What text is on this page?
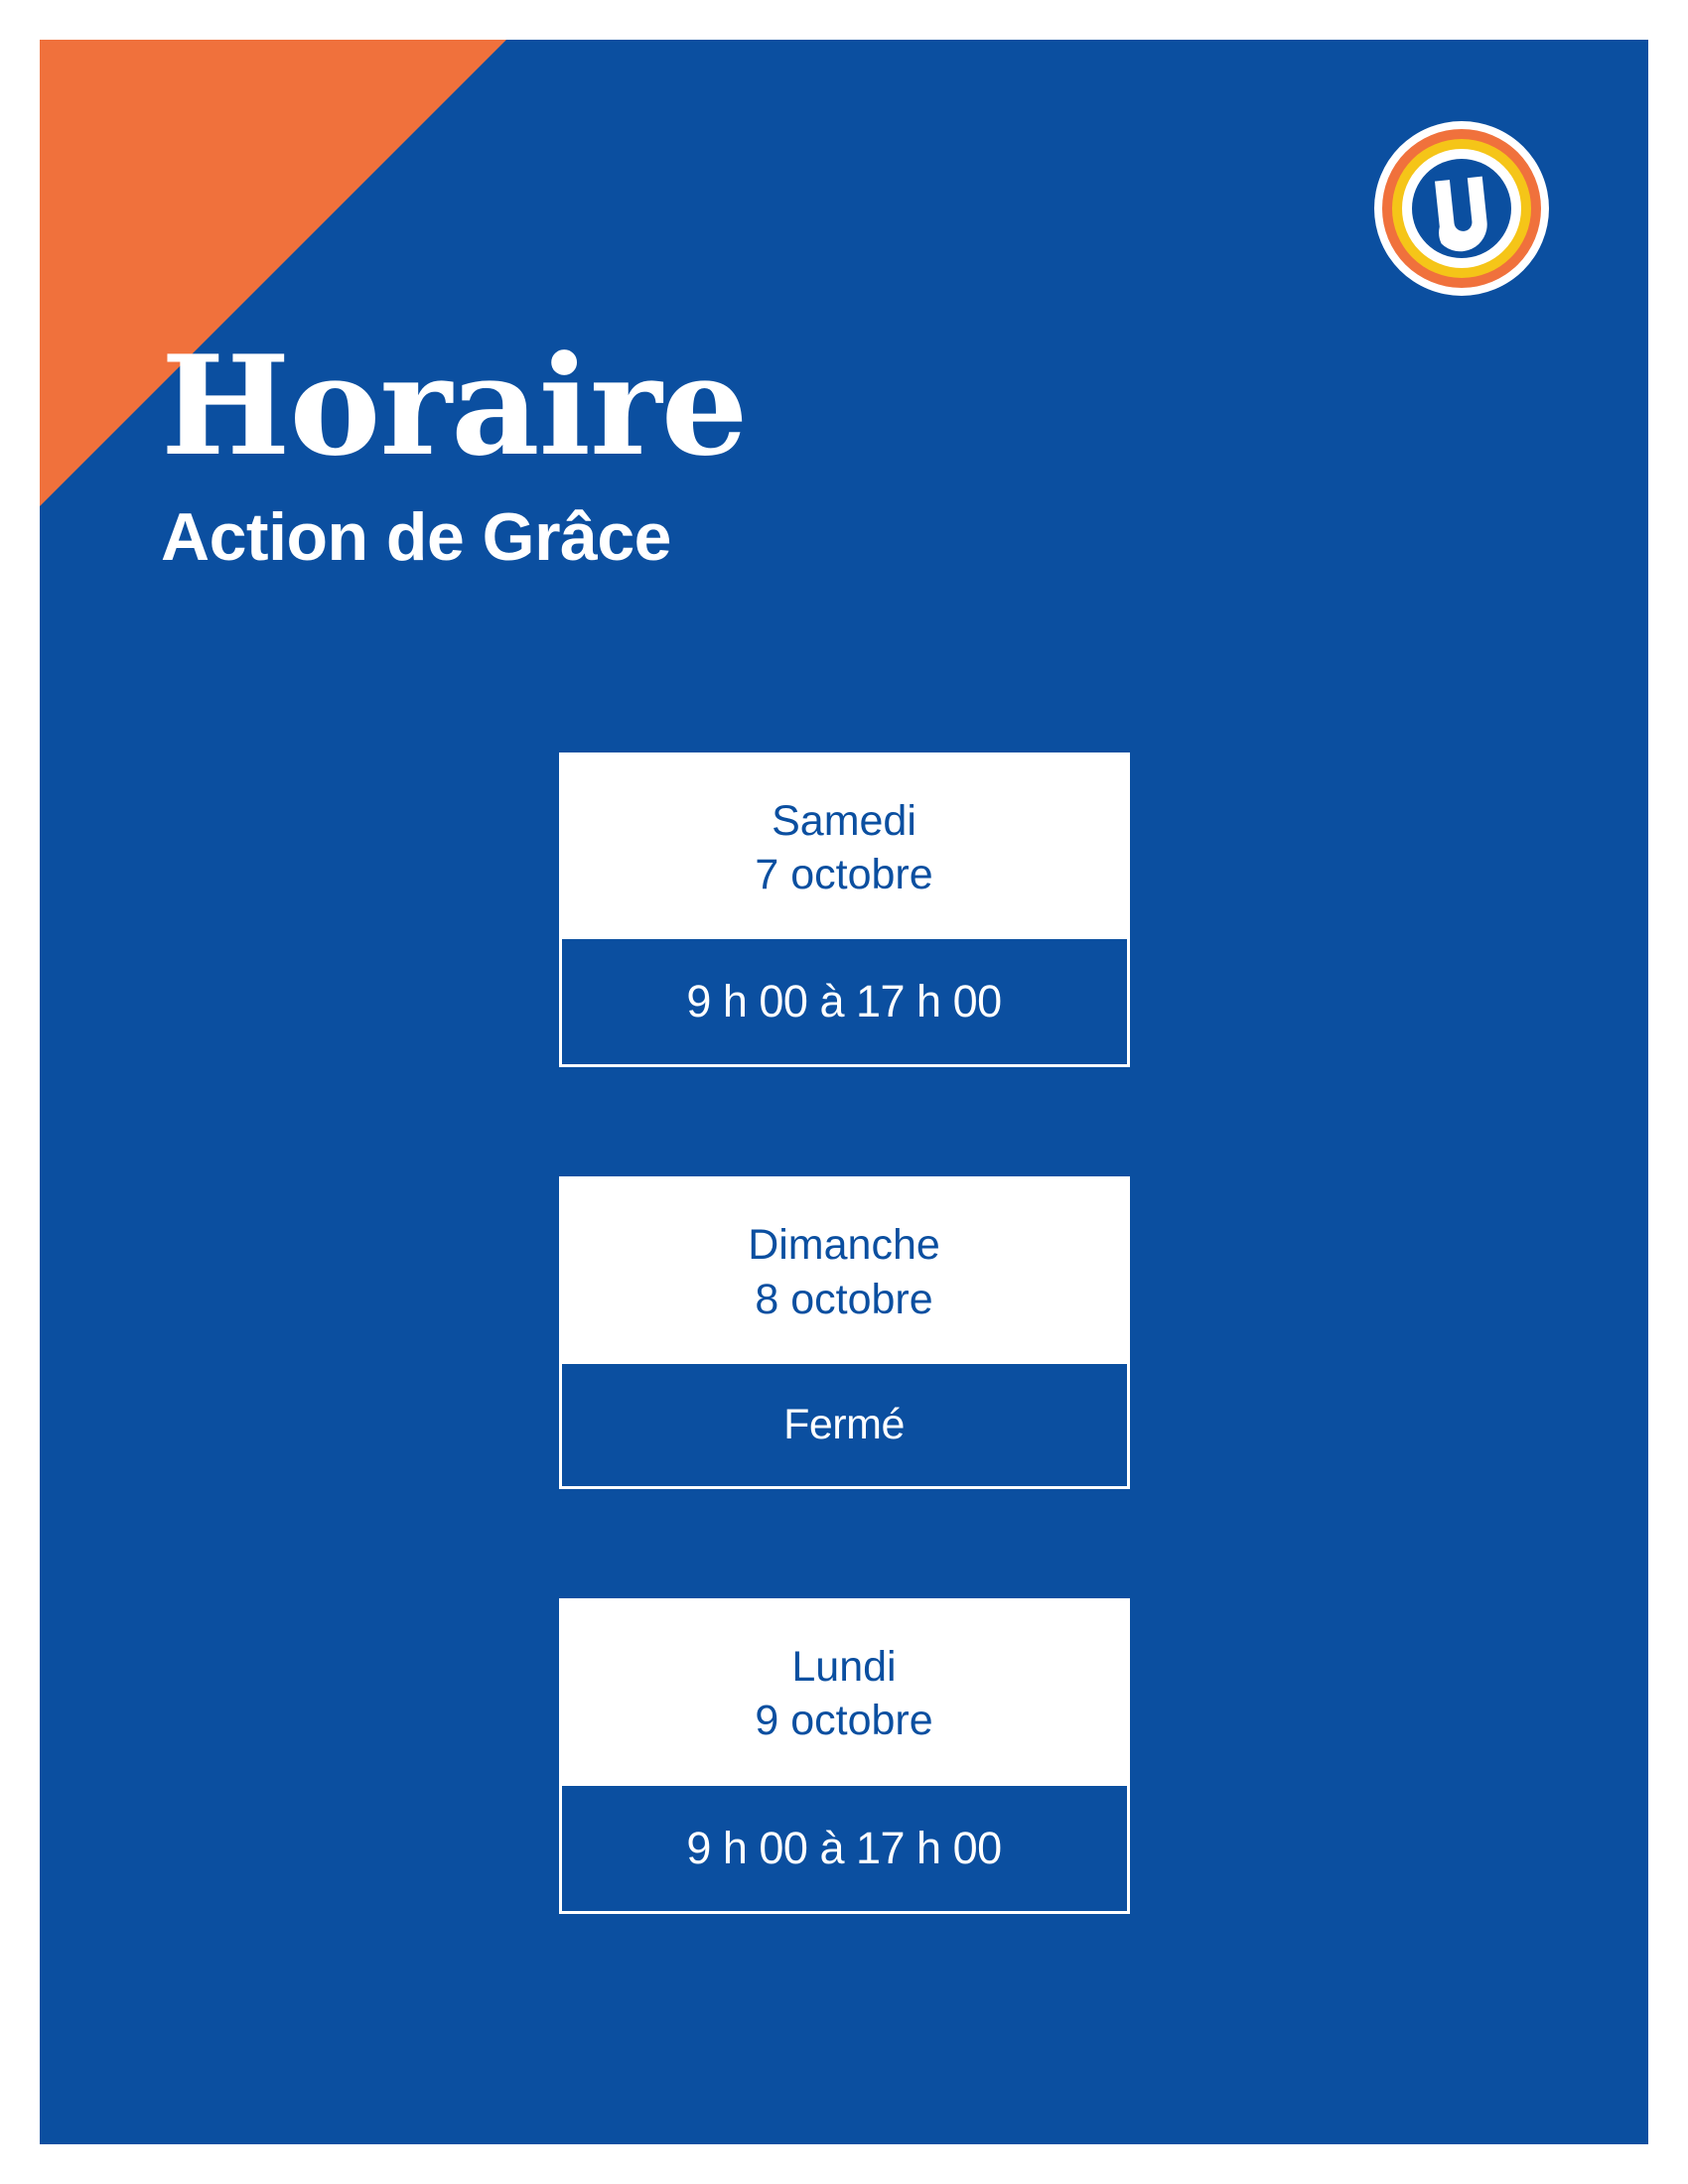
Horaire
Action de Grâce
Samedi
7 octobre
9 h 00 à 17 h 00
Dimanche
8 octobre
Fermé
Lundi
9 octobre
9 h 00 à 17 h 00
